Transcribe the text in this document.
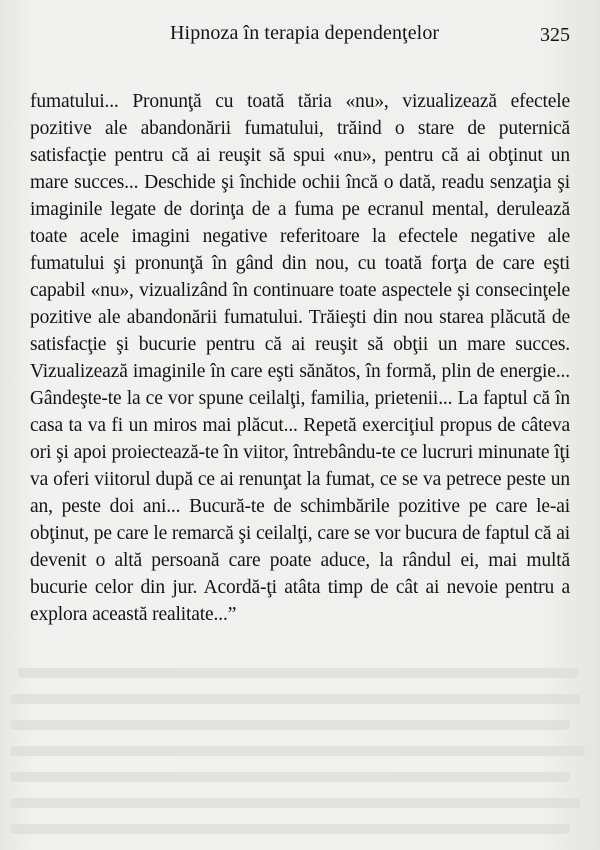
Hipnoza în terapia dependenţelor	325

fumatului... Pronunţă cu toată tăria «nu», vizualizează efectele pozitive ale abandonării fumatului, trăind o stare de puternică satisfacţie pentru că ai reuşit să spui «nu», pentru că ai obţinut un mare succes... Deschide şi închide ochii încă o dată, readu senzaţia şi imaginile legate de dorinţa de a fuma pe ecranul mental, derulează toate acele imagini negative referitoare la efectele negative ale fumatului şi pronunţă în gând din nou, cu toată forţa de care eşti capabil «nu», vizualizând în continuare toate aspectele şi consecinţele pozitive ale abandonării fumatului. Trăieşti din nou starea plăcută de satisfacţie şi bucurie pentru că ai reuşit să obţii un mare succes. Vizualizează imaginile în care eşti sănătos, în formă, plin de energie... Gândeşte-te la ce vor spune ceilalţi, familia, prietenii... La faptul că în casa ta va fi un miros mai plăcut... Repetă exerciţiul propus de câteva ori şi apoi proiectează-te în viitor, întrebându-te ce lucruri minunate îţi va oferi viitorul după ce ai renunţat la fumat, ce se va petrece peste un an, peste doi ani... Bucură-te de schimbările pozitive pe care le-ai obţinut, pe care le remarcă şi ceilalţi, care se vor bucura de faptul că ai devenit o altă persoană care poate aduce, la rândul ei, mai multă bucurie celor din jur. Acordă-ţi atâta timp de cât ai nevoie pentru a explora această realitate...”
